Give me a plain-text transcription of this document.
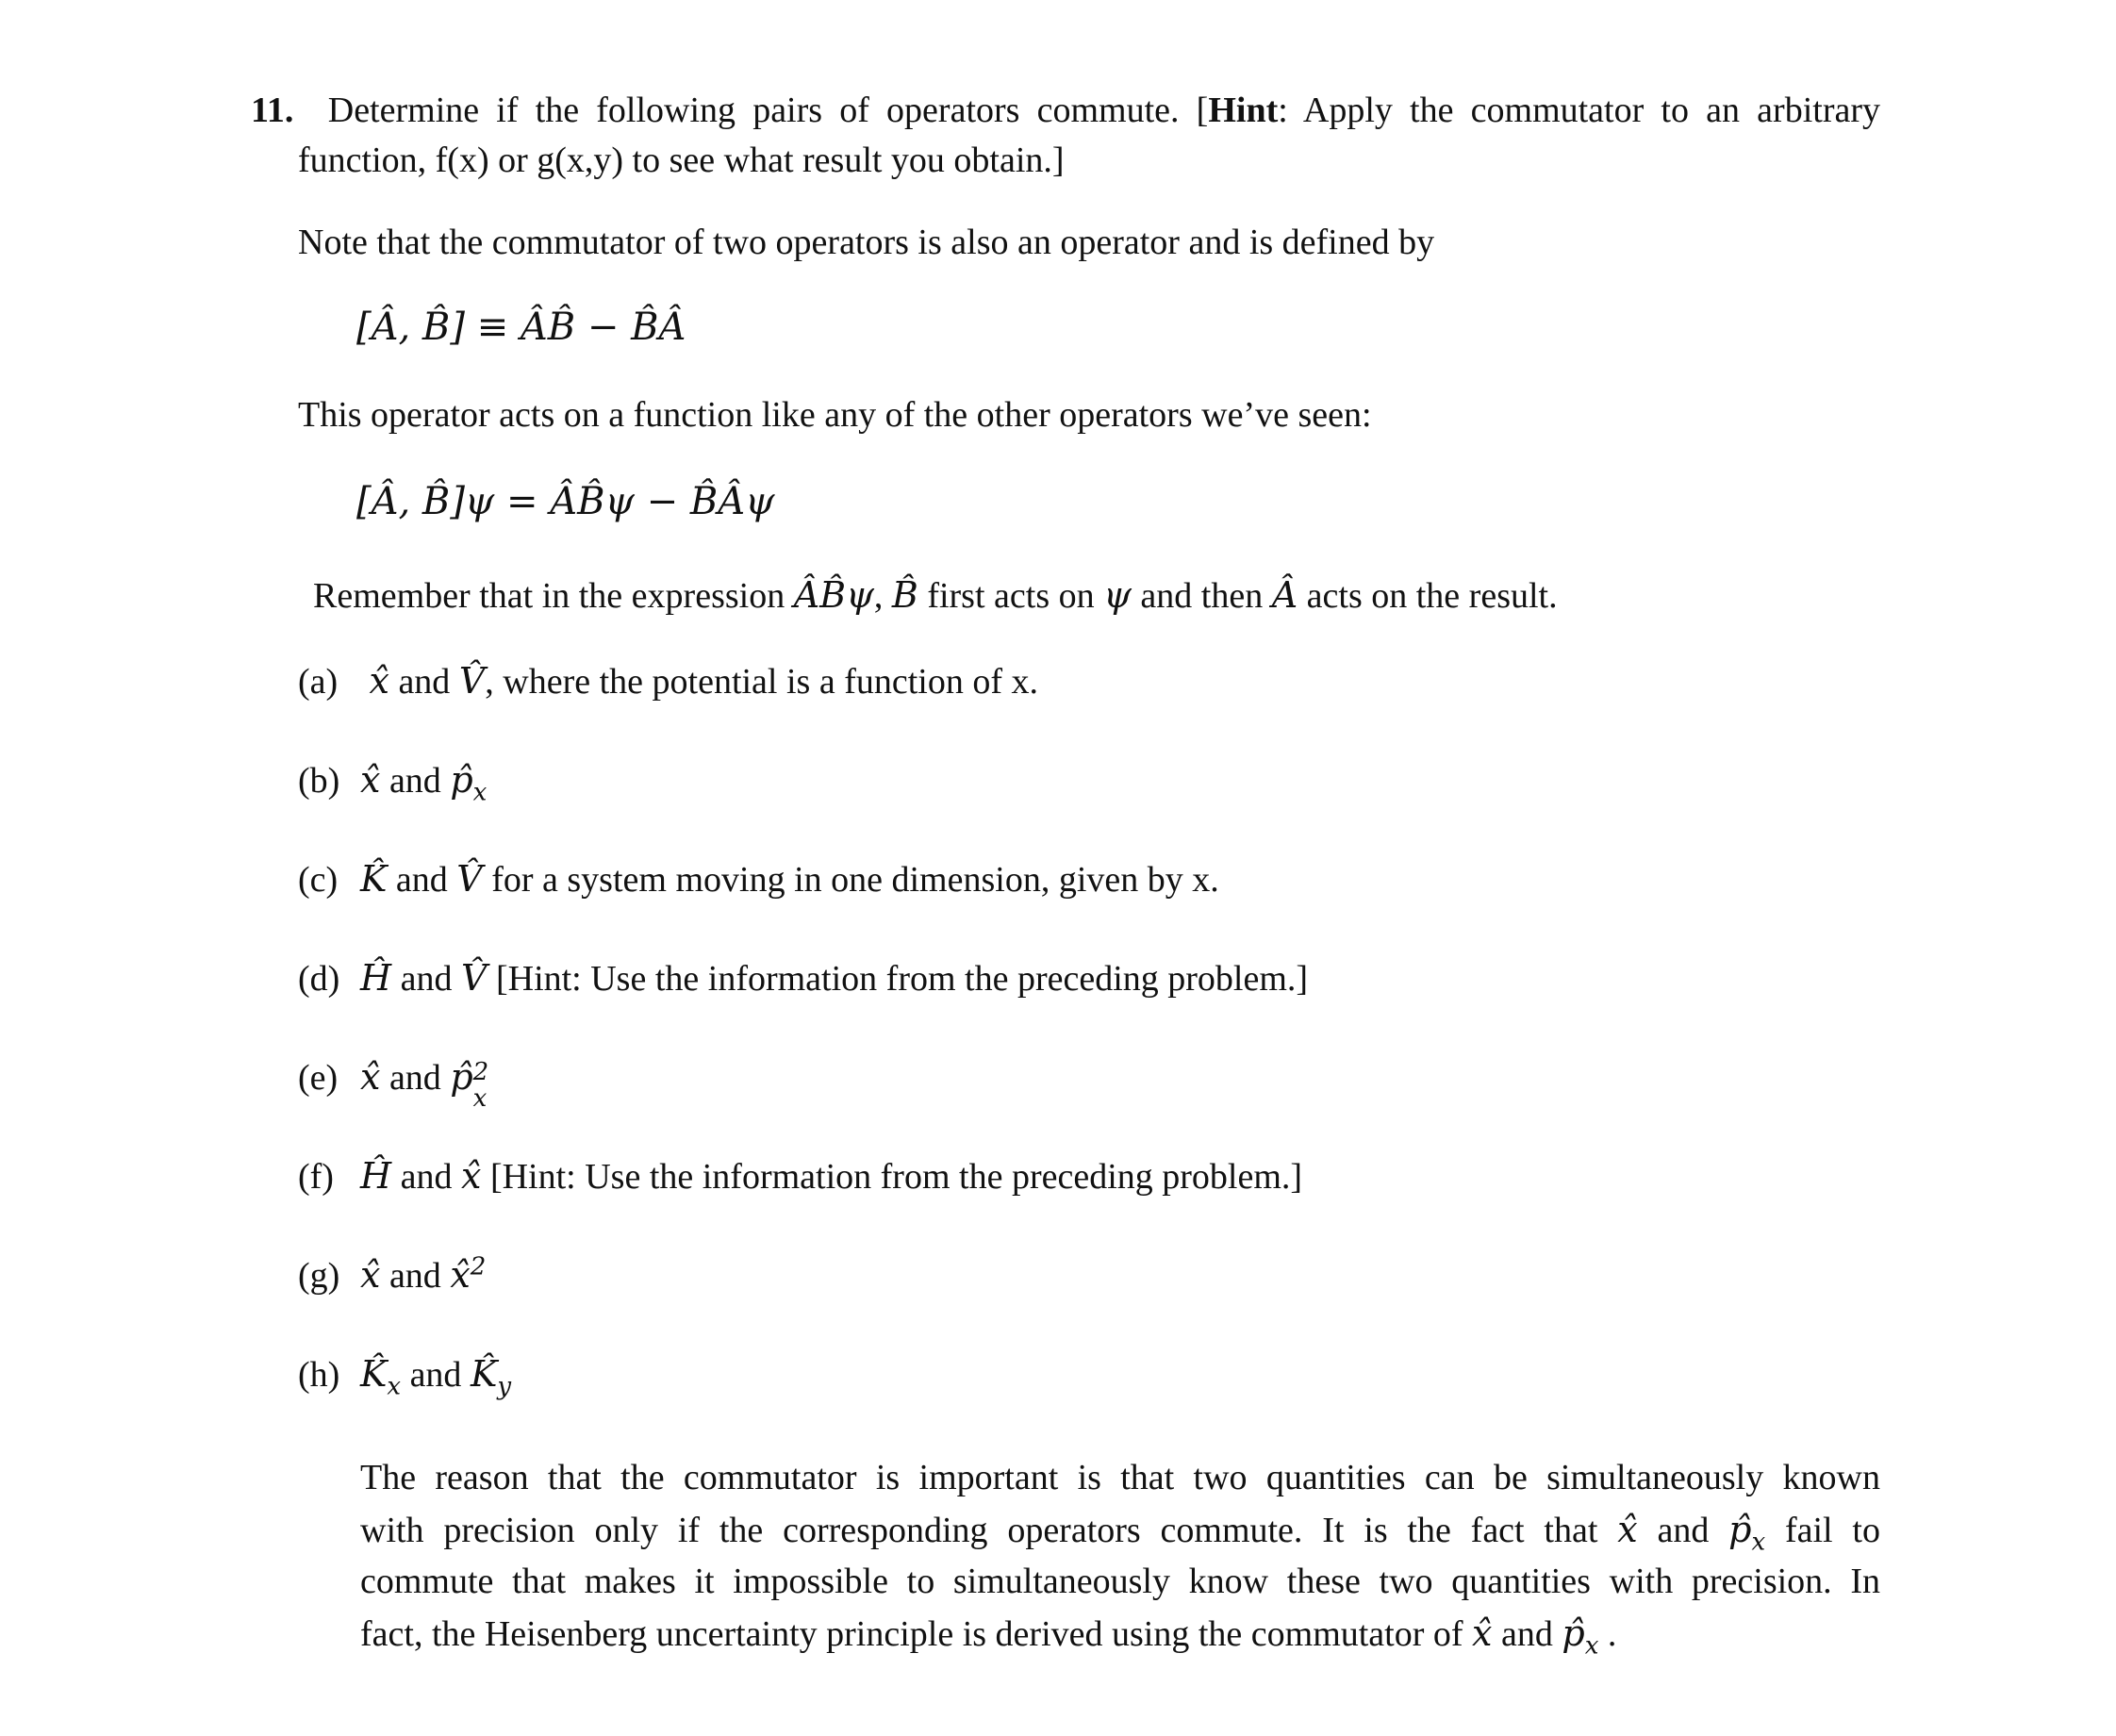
11. Determine if the following pairs of operators commute. [Hint: Apply the commutator to an arbitrary
function, f(x) or g(x,y) to see what result you obtain.]
Note that the commutator of two operators is also an operator and is defined by
[Â, B̂] ≡ ÂB̂ − B̂Â
This operator acts on a function like any of the other operators we’ve seen:
[Â, B̂]ψ = ÂB̂ψ − B̂Âψ
Remember that in the expression ÂB̂ψ, B̂ first acts on ψ and then Â acts on the result.
(a) x̂ and V̂, where the potential is a function of x.
(b) x̂ and $p̂_x$
(c) K̂ and V̂ for a system moving in one dimension, given by x.
(d) Ĥ and V̂ [Hint: Use the information from the preceding problem.]
(e) x̂ and p̂ 2
x
(f) Ĥ and x̂ [Hint: Use the information from the preceding problem.]
(g) x̂ and x̂$^2$
(h) $K̂_x$ and $K̂_y$
The reason that the commutator is important is that two quantities can be simultaneously known
with precision only if the corresponding operators commute. It is the fact that x̂ and $p̂_x$ fail to
commute that makes it impossible to simultaneously know these two quantities with precision. In
fact, the Heisenberg uncertainty principle is derived using the commutator of x̂ and $p̂_x$ .
